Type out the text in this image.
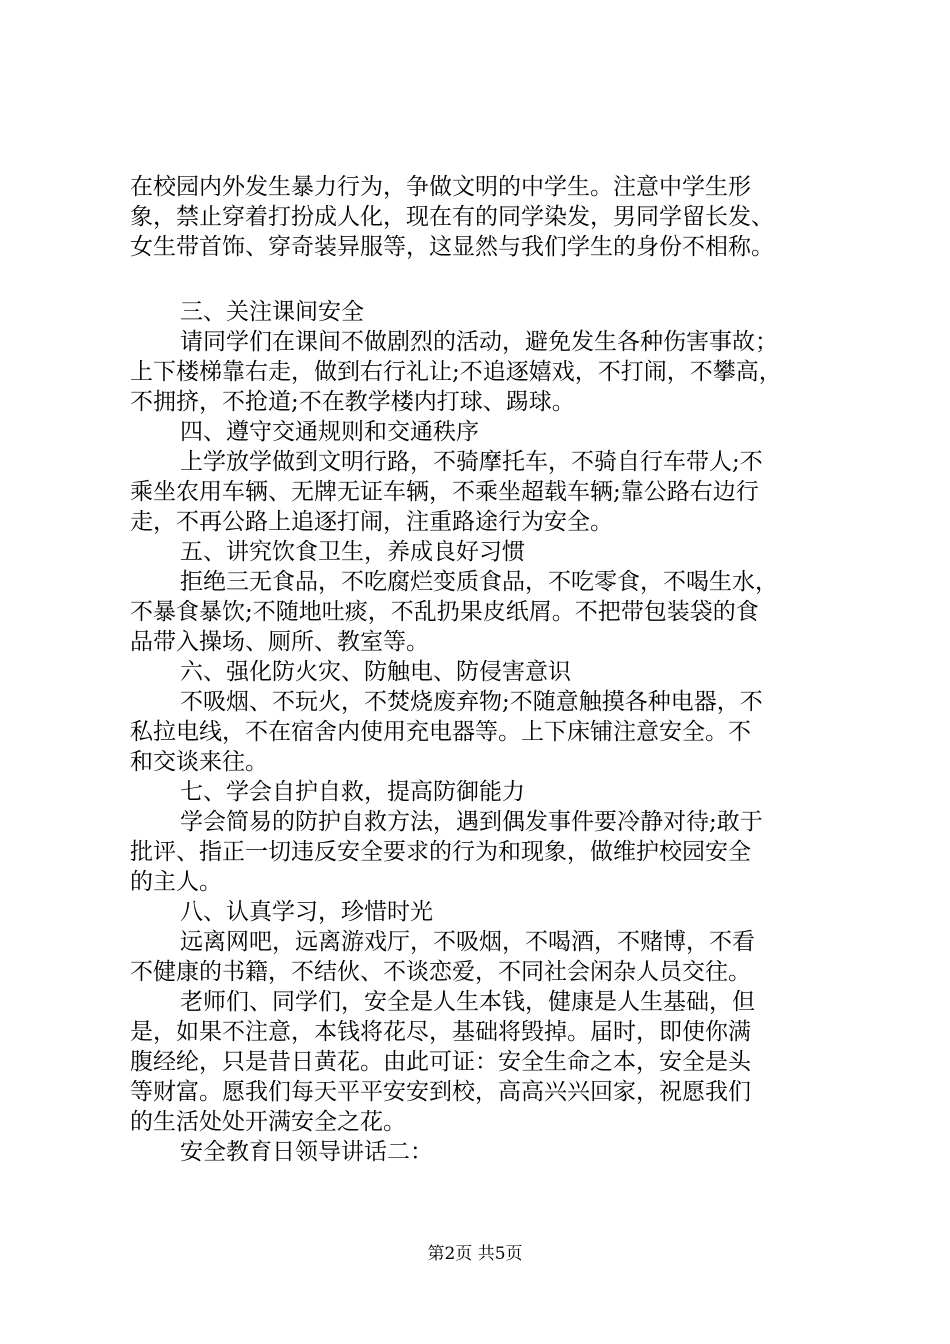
在校园内外发生暴力行为，争做文明的中学生。注意中学生形
象，禁止穿着打扮成人化，现在有的同学染发，男同学留长发、
女生带首饰、穿奇装异服等，这显然与我们学生的身份不相称。
三、关注课间安全
请同学们在课间不做剧烈的活动，避免发生各种伤害事故；
上下楼梯靠右走，做到右行礼让;不追逐嬉戏，不打闹，不攀高，
不拥挤，不抢道;不在教学楼内打球、踢球。
四、遵守交通规则和交通秩序
上学放学做到文明行路，不骑摩托车，不骑自行车带人;不
乘坐农用车辆、无牌无证车辆，不乘坐超载车辆;靠公路右边行
走，不再公路上追逐打闹，注重路途行为安全。
五、讲究饮食卫生，养成良好习惯
拒绝三无食品，不吃腐烂变质食品，不吃零食，不喝生水，
不暴食暴饮;不随地吐痰，不乱扔果皮纸屑。不把带包装袋的食
品带入操场、厕所、教室等。
六、强化防火灾、防触电、防侵害意识
不吸烟、不玩火，不焚烧废弃物;不随意触摸各种电器，不
私拉电线，不在宿舍内使用充电器等。上下床铺注意安全。不
和交谈来往。
七、学会自护自救，提高防御能力
学会简易的防护自救方法，遇到偶发事件要冷静对待;敢于
批评、指正一切违反安全要求的行为和现象，做维护校园安全
的主人。
八、认真学习，珍惜时光
远离网吧，远离游戏厅，不吸烟，不喝酒，不赌博，不看
不健康的书籍，不结伙、不谈恋爱，不同社会闲杂人员交往。
老师们、同学们，安全是人生本钱，健康是人生基础，但
是，如果不注意，本钱将花尽，基础将毁掉。届时，即使你满
腹经纶，只是昔日黄花。由此可证：安全生命之本，安全是头
等财富。愿我们每天平平安安到校，高高兴兴回家，祝愿我们
的生活处处开满安全之花。
安全教育日领导讲话二：
第2页 共5页
